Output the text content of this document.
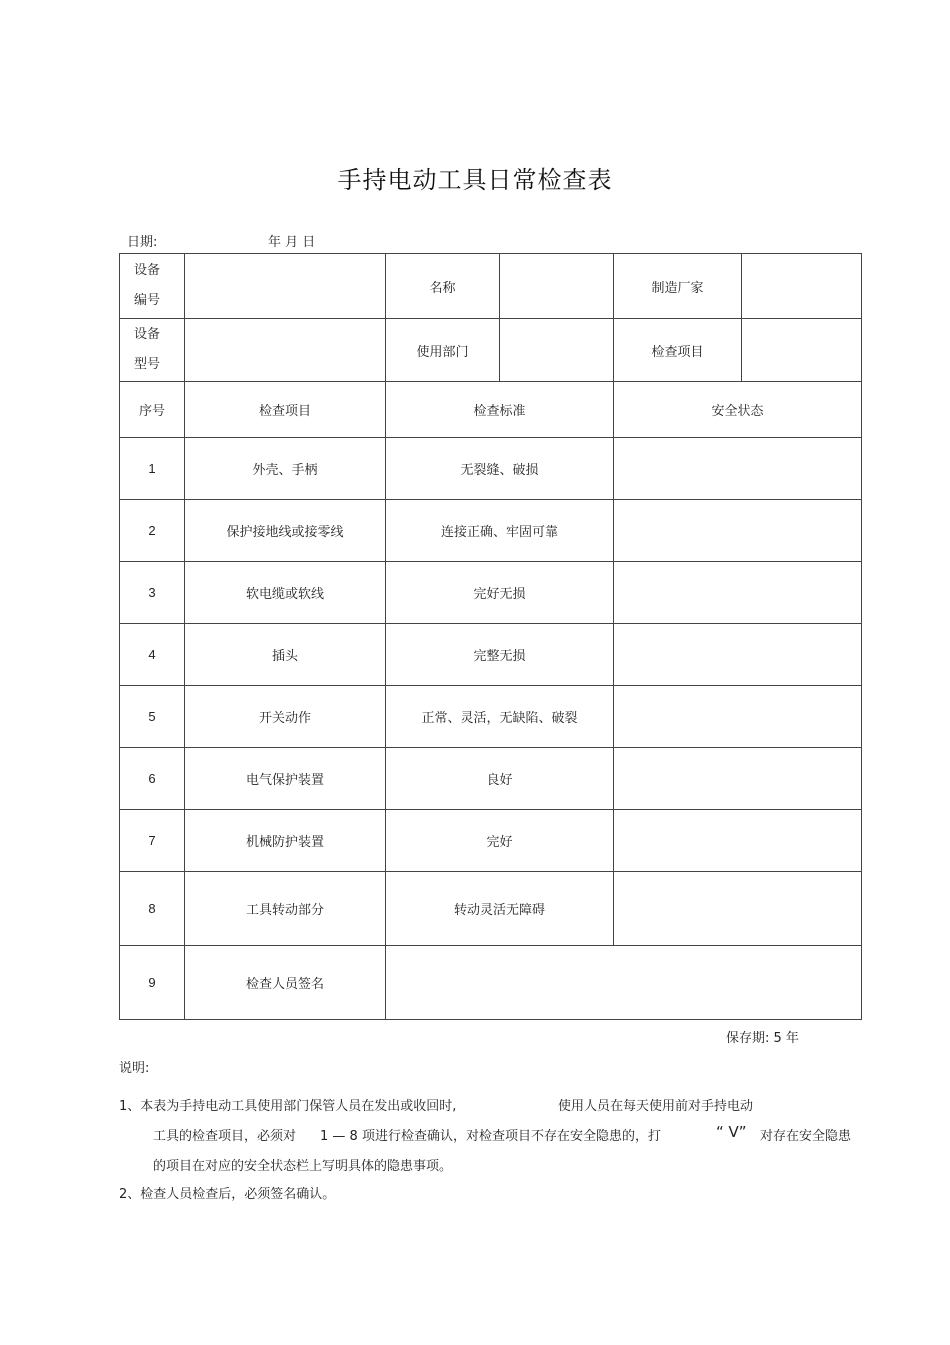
手持电动工具日常检查表
日期:	年 月 日
设备
编号		名称		制造厂家	

设备
型号		使用部门		检查项目	
序号	检查项目	检查标准		安全状态	
1	外壳、手柄	无裂缝、破损			
2	保护接地线或接零线	连接正确、牢固可靠			
3	软电缆或软线	完好无损			
4	插头	完整无损			
5	开关动作	正常、灵活，无缺陷、破裂			
6	电气保护装置	良好			
7	机械防护装置	完好			
8	工具转动部分	转动灵活无障碍			
9	检查人员签名				
保存期: 5 年
说明:
1、本表为手持电动工具使用部门保管人员在发出或收回时,	使用人员在每天使用前对手持电动
工具的检查项目，必须对 1 — 8 项进行检查确认，对检查项目不存在安全隐患的，打	“ V” 对存在安全隐患
的项目在对应的安全状态栏上写明具体的隐患事项。
2、检查人员检查后，必须签名确认。
